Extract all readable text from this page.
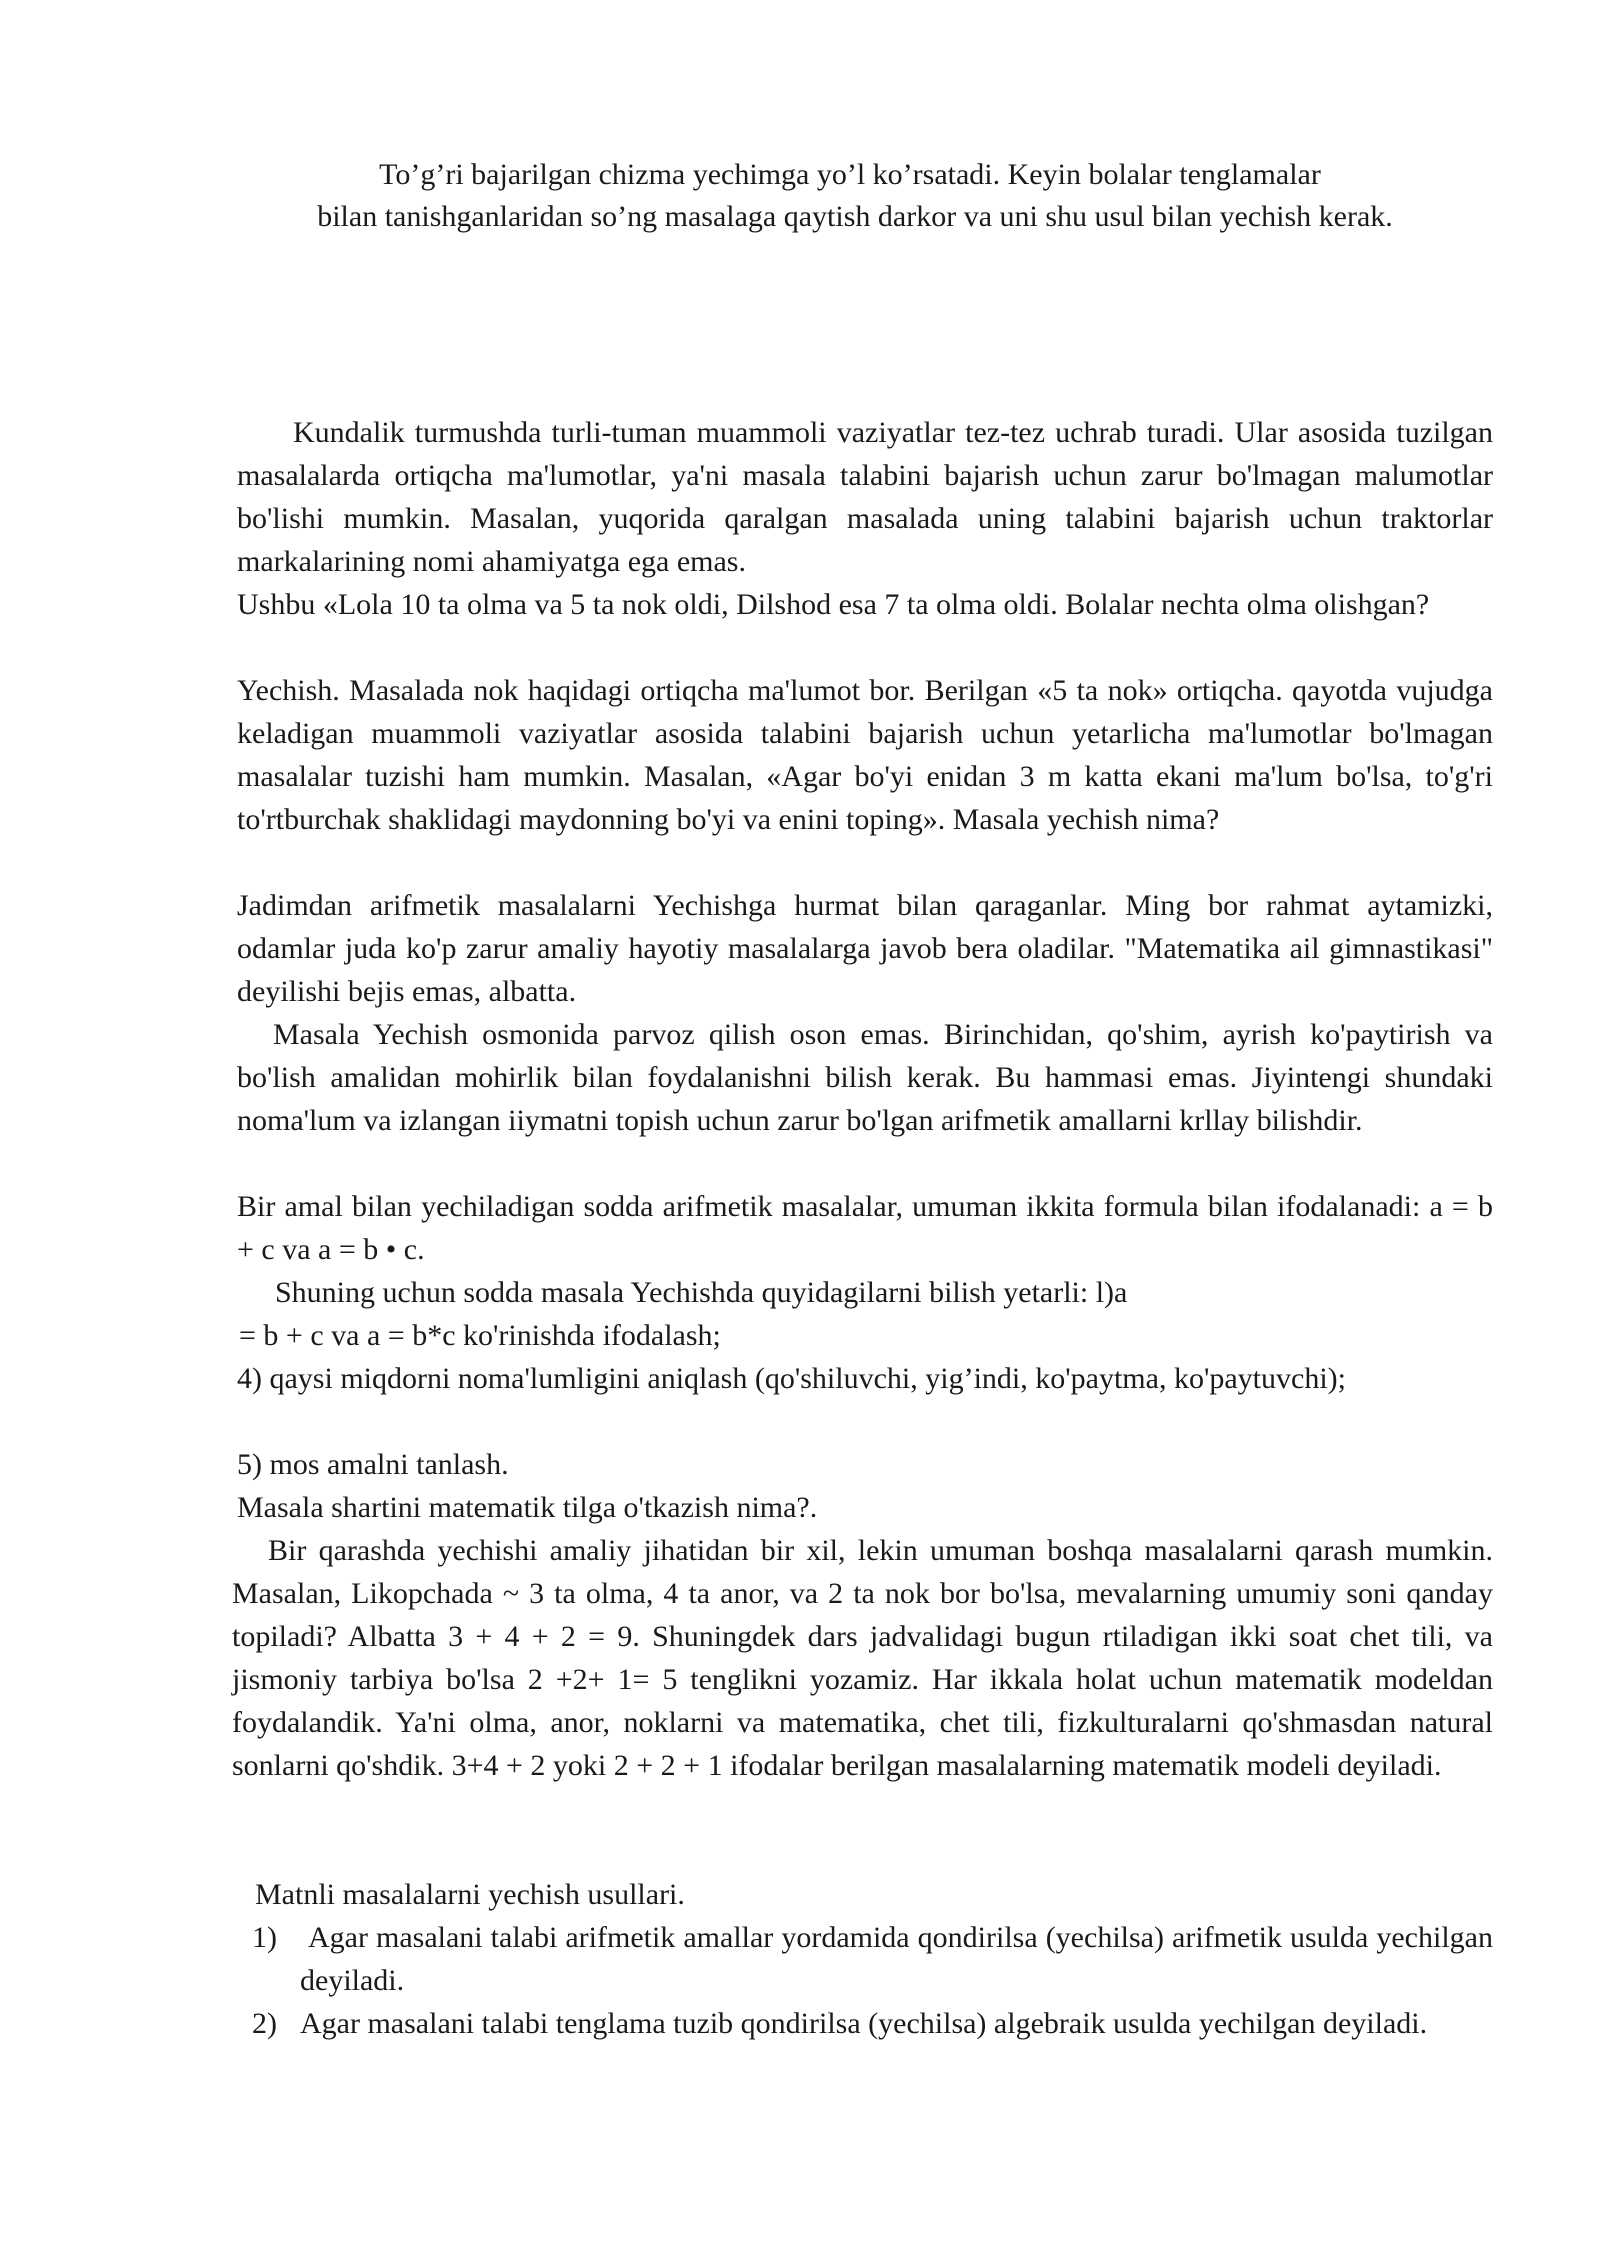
To’g’ri bajarilgan chizma yechimga yo’l ko’rsatadi. Keyin bolalar tenglamalar

bilan tanishganlaridan so’ng masalaga qaytish darkor va uni shu usul bilan yechish kerak.

Kundalik turmushda turli-tuman muammoli vaziyatlar tez-tez uchrab turadi. Ular asosida tuzilgan masalalarda ortiqcha ma'lumotlar, ya'ni masala talabini bajarish uchun zarur bo'lmagan malumotlar bo'lishi mumkin. Masalan, yuqorida qaralgan masalada uning talabini bajarish uchun traktorlar markalarining nomi ahamiyatga ega emas.

Ushbu «Lola 10 ta olma va 5 ta nok oldi, Dilshod esa 7 ta olma oldi. Bolalar nechta olma olishgan?

Yechish. Masalada nok haqidagi ortiqcha ma'lumot bor. Berilgan «5 ta nok» ortiqcha. qayotda vujudga keladigan muammoli vaziyatlar asosida talabini bajarish uchun yetarlicha ma'lumotlar bo'lmagan masalalar tuzishi ham mumkin. Masalan, «Agar bo'yi enidan 3 m katta ekani ma'lum bo'lsa, to'g'ri to'rtburchak shaklidagi maydonning bo'yi va enini toping». Masala yechish nima?

Jadimdan arifmetik masalalarni Yechishga hurmat bilan qaraganlar. Ming bor rahmat aytamizki, odamlar juda ko'p zarur amaliy hayotiy masalalarga javob bera oladilar. "Matematika ail gimnastikasi" deyilishi bejis emas, albatta.

Masala Yechish osmonida parvoz qilish oson emas. Birinchidan, qo'shim, ayrish ko'paytirish va bo'lish amalidan mohirlik bilan foydalanishni bilish kerak. Bu hammasi emas. Jiyintengi shundaki noma'lum va izlangan iiymatni topish uchun zarur bo'lgan arifmetik amallarni krllay bilishdir.

Bir amal bilan yechiladigan sodda arifmetik masalalar, umuman ikkita formula bilan ifodalanadi: a = b + c va a = b • c.

Shuning uchun sodda masala Yechishda quyidagilarni bilish yetarli: l)a

= b + c va a = b*c ko'rinishda ifodalash;

4) qaysi miqdorni noma'lumligini aniqlash (qo'shiluvchi, yig’indi, ko'paytma, ko'paytuvchi);

5) mos amalni tanlash.

Masala shartini matematik tilga o'tkazish nima?.

Bir qarashda yechishi amaliy jihatidan bir xil, lekin umuman boshqa masalalarni qarash mumkin. Masalan, Likopchada ~ 3 ta olma, 4 ta anor, va 2 ta nok bor bo'lsa, mevalarning umumiy soni qanday topiladi? Albatta 3 + 4 + 2 = 9. Shuningdek dars jadvalidagi bugun rtiladigan ikki soat chet tili, va jismoniy tarbiya bo'lsa 2 +2+ 1= 5 tenglikni yozamiz. Har ikkala holat uchun matematik modeldan foydalandik. Ya'ni olma, anor, noklarni va matematika, chet tili, fizkulturalarni qo'shmasdan natural sonlarni qo'shdik. 3+4 + 2 yoki 2 + 2 + 1 ifodalar berilgan masalalarning matematik modeli deyiladi.

Matnli masalalarni yechish usullari.

1) Agar masalani talabi arifmetik amallar yordamida qondirilsa (yechilsa) arifmetik usulda yechilgan deyiladi.

2) Agar masalani talabi tenglama tuzib qondirilsa (yechilsa) algebraik usulda yechilgan deyiladi.
